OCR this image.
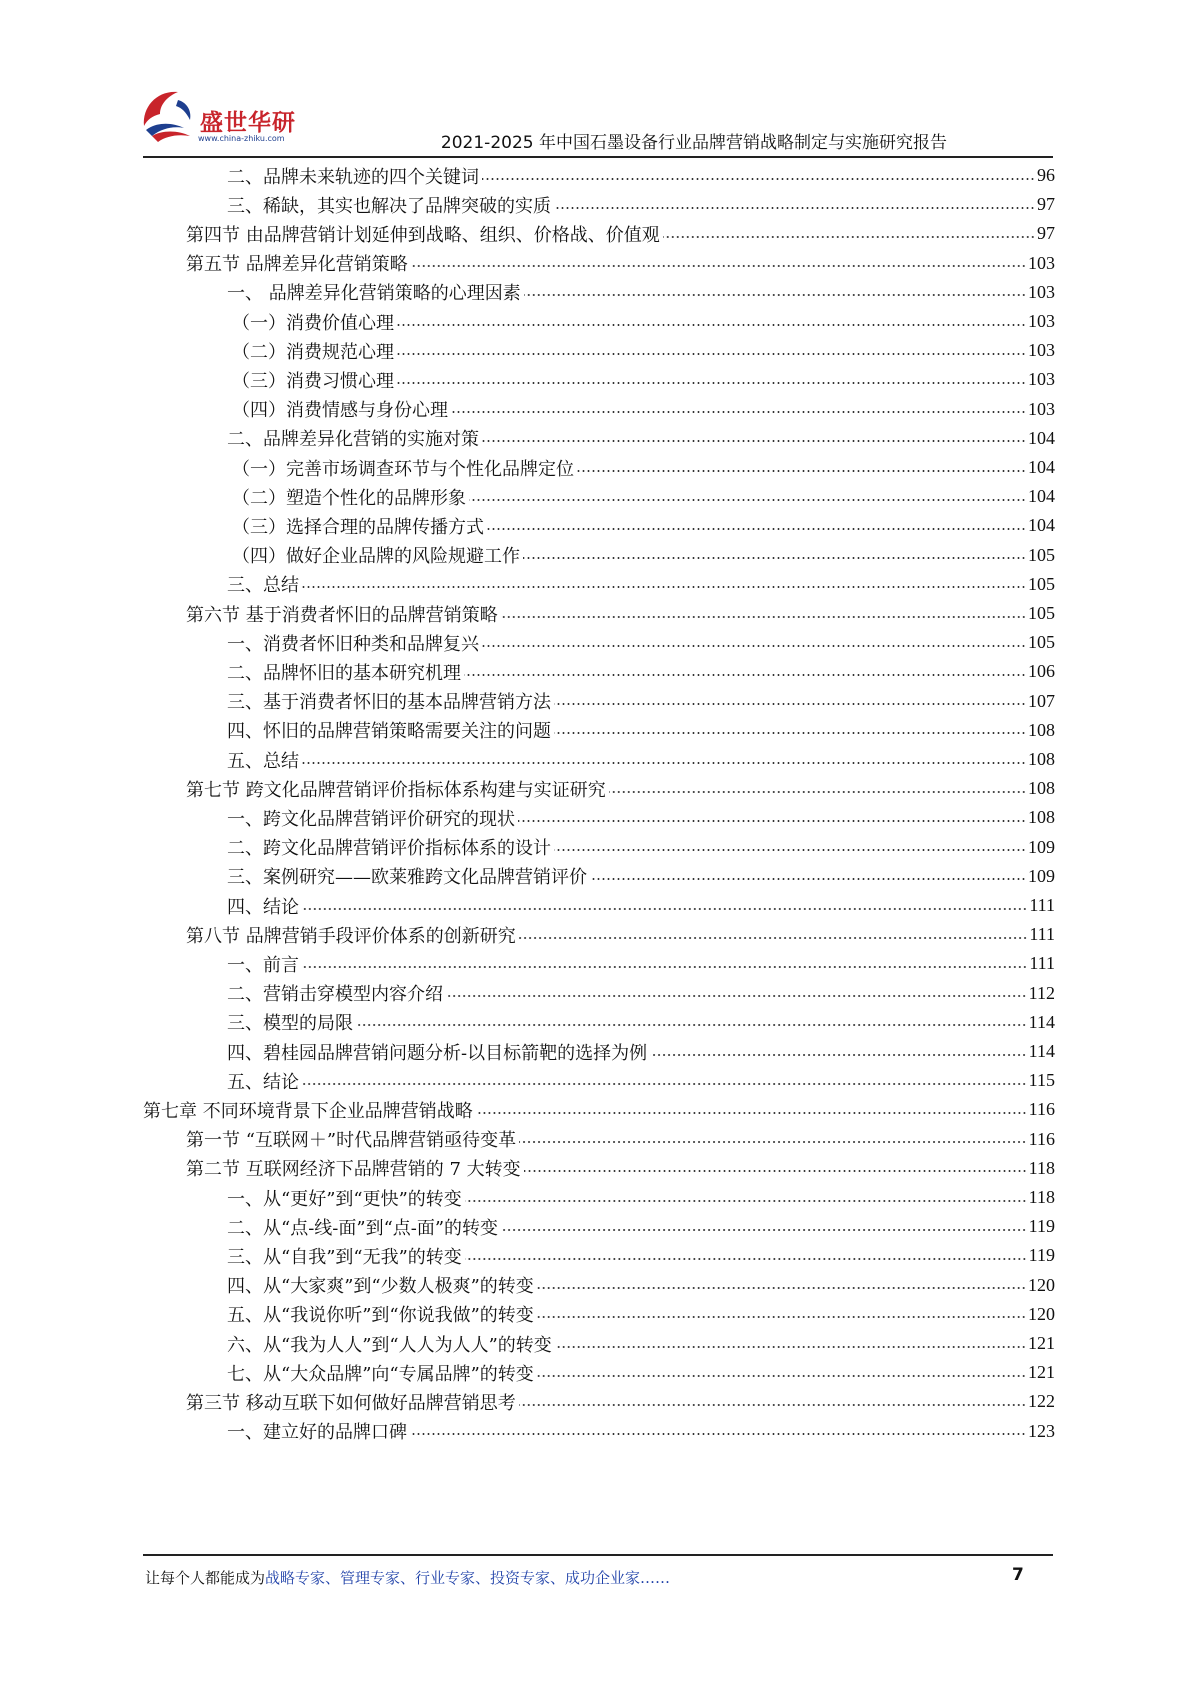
盛世华研
www.china-zhiku.com	2021-2025 年中国石墨设备行业品牌营销战略制定与实施研究报告
二、品牌未来轨迹的四个关键词	96
三、稀缺，其实也解决了品牌突破的实质	97
第四节 由品牌营销计划延伸到战略、组织、价格战、价值观	97
第五节 品牌差异化营销策略	103
一、 品牌差异化营销策略的心理因素	103
（一）消费价值心理	103
（二）消费规范心理	103
（三）消费习惯心理	103
（四）消费情感与身份心理	103
二、品牌差异化营销的实施对策	104
（一）完善市场调查环节与个性化品牌定位	104
（二）塑造个性化的品牌形象	104
（三）选择合理的品牌传播方式	104
（四）做好企业品牌的风险规避工作	105
三、总结	105
第六节 基于消费者怀旧的品牌营销策略	105
一、消费者怀旧种类和品牌复兴	105
二、品牌怀旧的基本研究机理	106
三、基于消费者怀旧的基本品牌营销方法	107
四、怀旧的品牌营销策略需要关注的问题	108
五、总结	108
第七节 跨文化品牌营销评价指标体系构建与实证研究	108
一、跨文化品牌营销评价研究的现状	108
二、跨文化品牌营销评价指标体系的设计	109
三、案例研究——欧莱雅跨文化品牌营销评价	109
四、结论	111
第八节 品牌营销手段评价体系的创新研究	111
一、前言	111
二、营销击穿模型内容介绍	112
三、模型的局限	114
四、碧桂园品牌营销问题分析-以目标箭靶的选择为例	114
五、结论	115
第七章 不同环境背景下企业品牌营销战略	116
第一节 “互联网＋”时代品牌营销亟待变革	116
第二节 互联网经济下品牌营销的 7 大转变	118
一、从“更好”到“更快”的转变	118
二、从“点-线-面”到“点-面”的转变	119
三、从“自我”到“无我”的转变	119
四、从“大家爽”到“少数人极爽”的转变	120
五、从“我说你听”到“你说我做”的转变	120
六、从“我为人人”到“人人为人人”的转变	121
七、从“大众品牌”向“专属品牌”的转变	121
第三节 移动互联下如何做好品牌营销思考	122
一、建立好的品牌口碑	123
让每个人都能成为战略专家、管理专家、行业专家、投资专家、成功企业家……	7
